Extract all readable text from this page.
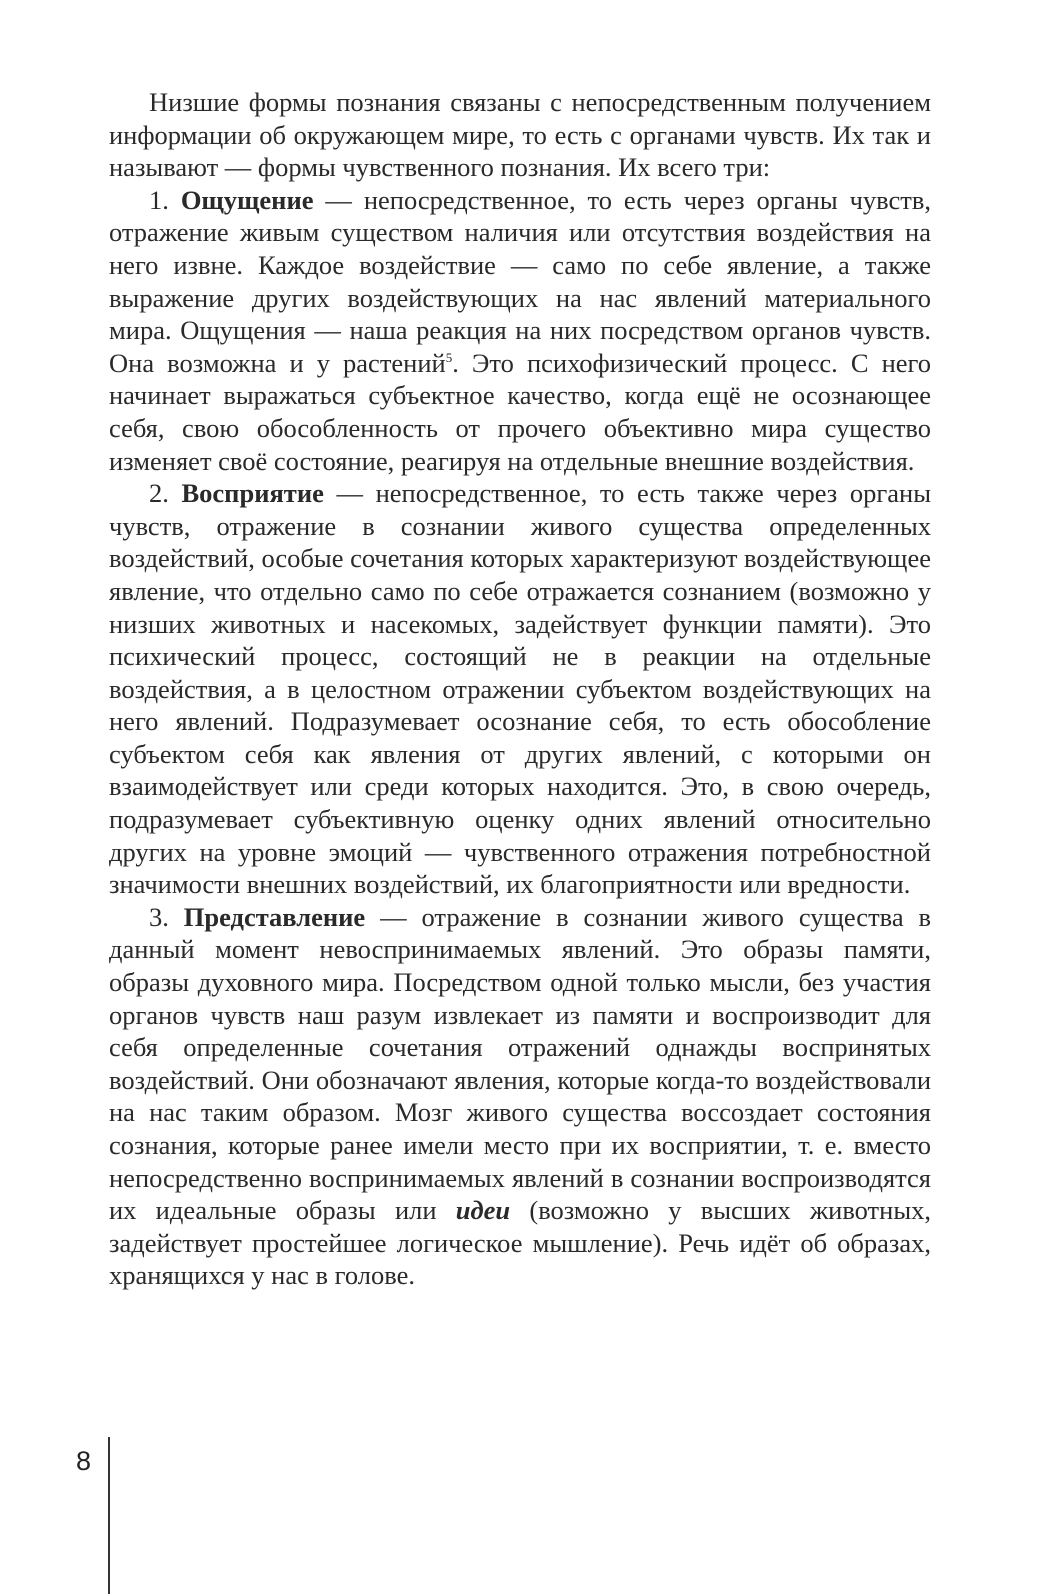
Низшие формы познания связаны с непосредственным получением информации об окружающем мире, то есть с органами чувств. Их так и называют — формы чувственного познания. Их всего три:

1. Ощущение — непосредственное, то есть через органы чувств, отражение живым существом наличия или отсутствия воздействия на него извне. Каждое воздействие — само по себе явление, а также выражение других воздействующих на нас явлений материального мира. Ощущения — наша реакция на них посредством органов чувств. Она возможна и у растений$^5$. Это психофизический процесс. С него начинает выражаться субъектное качество, когда ещё не осознающее себя, свою обособленность от прочего объективно мира существо изменяет своё состояние, реагируя на отдельные внешние воздействия.

2. Восприятие — непосредственное, то есть также через органы чувств, отражение в сознании живого существа определенных воздействий, особые сочетания которых характеризуют воздействующее явление, что отдельно само по себе отражается сознанием (возможно у низших животных и насекомых, задействует функции памяти). Это психический процесс, состоящий не в реакции на отдельные воздействия, а в целостном отражении субъектом воздействующих на него явлений. Подразумевает осознание себя, то есть обособление субъектом себя как явления от других явлений, с которыми он взаимодействует или среди которых находится. Это, в свою очередь, подразумевает субъективную оценку одних явлений относительно других на уровне эмоций — чувственного отражения потребностной значимости внешних воздействий, их благоприятности или вредности.

3. Представление — отражение в сознании живого существа в данный момент невоспринимаемых явлений. Это образы памяти, образы духовного мира. Посредством одной только мысли, без участия органов чувств наш разум извлекает из памяти и воспроизводит для себя определенные сочетания отражений однажды воспринятых воздействий. Они обозначают явления, которые когда-то воздействовали на нас таким образом. Мозг живого существа воссоздает состояния сознания, которые ранее имели место при их восприятии, т. е. вместо непосредственно воспринимаемых явлений в сознании воспроизводятся их идеальные образы или идеи (возможно у высших животных, задействует простейшее логическое мышление). Речь идёт об образах, хранящихся у нас в голове.

8
